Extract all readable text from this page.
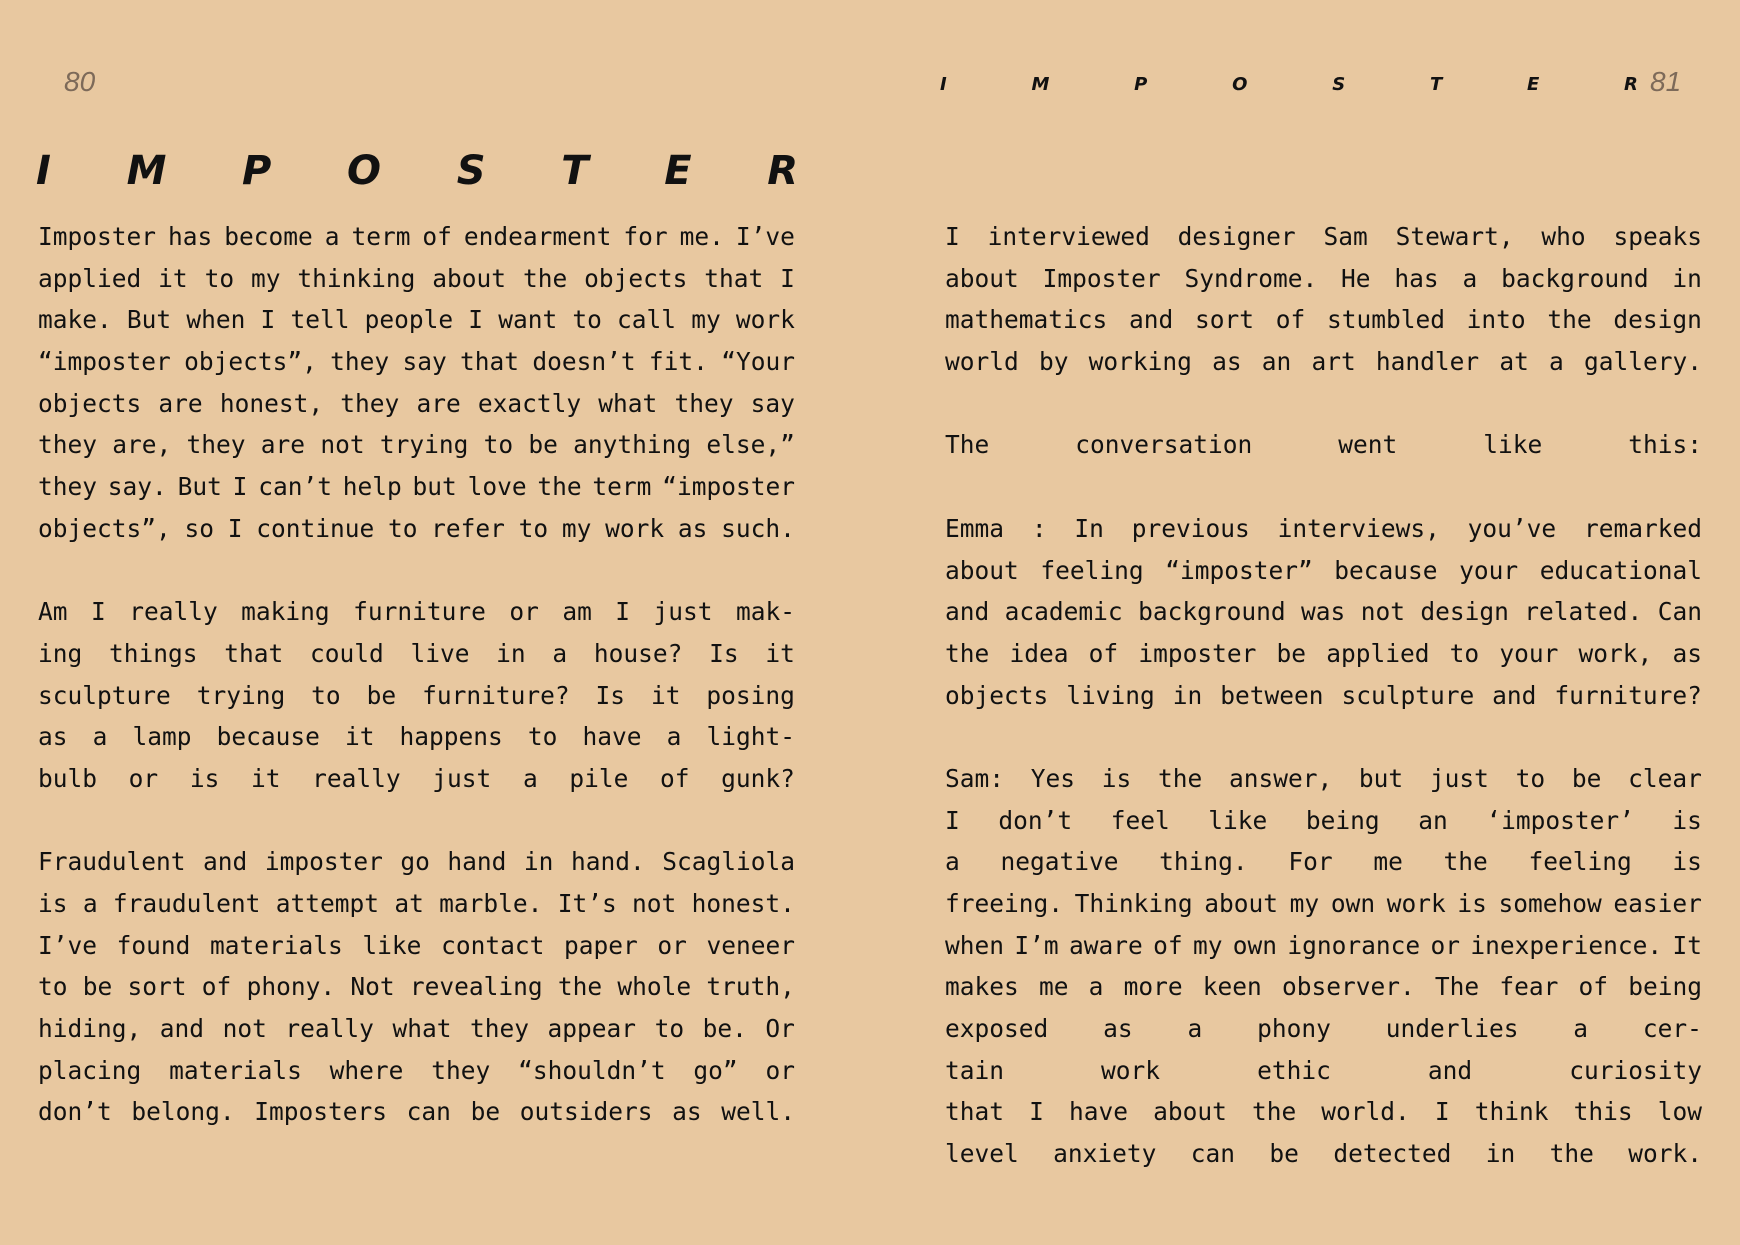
80	81
I	M	P	O	S	T	E	R
I M P O S T E R
Imposter has become a term of endearment for me. I’ve
applied it to my thinking about the objects that I
make. But when I tell people I want to call my work
“imposter objects”, they say that doesn’t fit. “Your
objects are honest, they are exactly what they say
they are, they are not trying to be anything else,”
they say. But I can’t help but love the term “imposter
objects”, so I continue to refer to my work as such.
Am I really making furniture or am I just mak-
ing things that could live in a house? Is it
sculpture trying to be furniture? Is it posing
as a lamp because it happens to have a light-
bulb or is it really just a pile of gunk?
Fraudulent and imposter go hand in hand. Scagliola
is a fraudulent attempt at marble. It’s not honest.
I’ve found materials like contact paper or veneer
to be sort of phony. Not revealing the whole truth,
hiding, and not really what they appear to be. Or
placing materials where they “shouldn’t go” or
don’t belong. Imposters can be outsiders as well.
I interviewed designer Sam Stewart, who speaks
about Imposter Syndrome. He has a background in
mathematics and sort of stumbled into the design
world by working as an art handler at a gallery.
The	conversation	went	like	this:
Emma : In previous interviews, you’ve remarked
about feeling “imposter” because your educational
and academic background was not design related. Can
the idea of imposter be applied to your work, as
objects living in between sculpture and furniture?
Sam: Yes is the answer, but just to be clear
I don’t feel like being an ‘imposter’ is
a negative thing. For me the feeling is
freeing. Thinking about my own work is somehow easier
when I’m aware of my own ignorance or inexperience. It
makes me a more keen observer. The fear of being
exposed as a phony underlies a cer-
tain	work	ethic	and	curiosity
that I have about the world. I think this low
level anxiety can be detected in the work.
